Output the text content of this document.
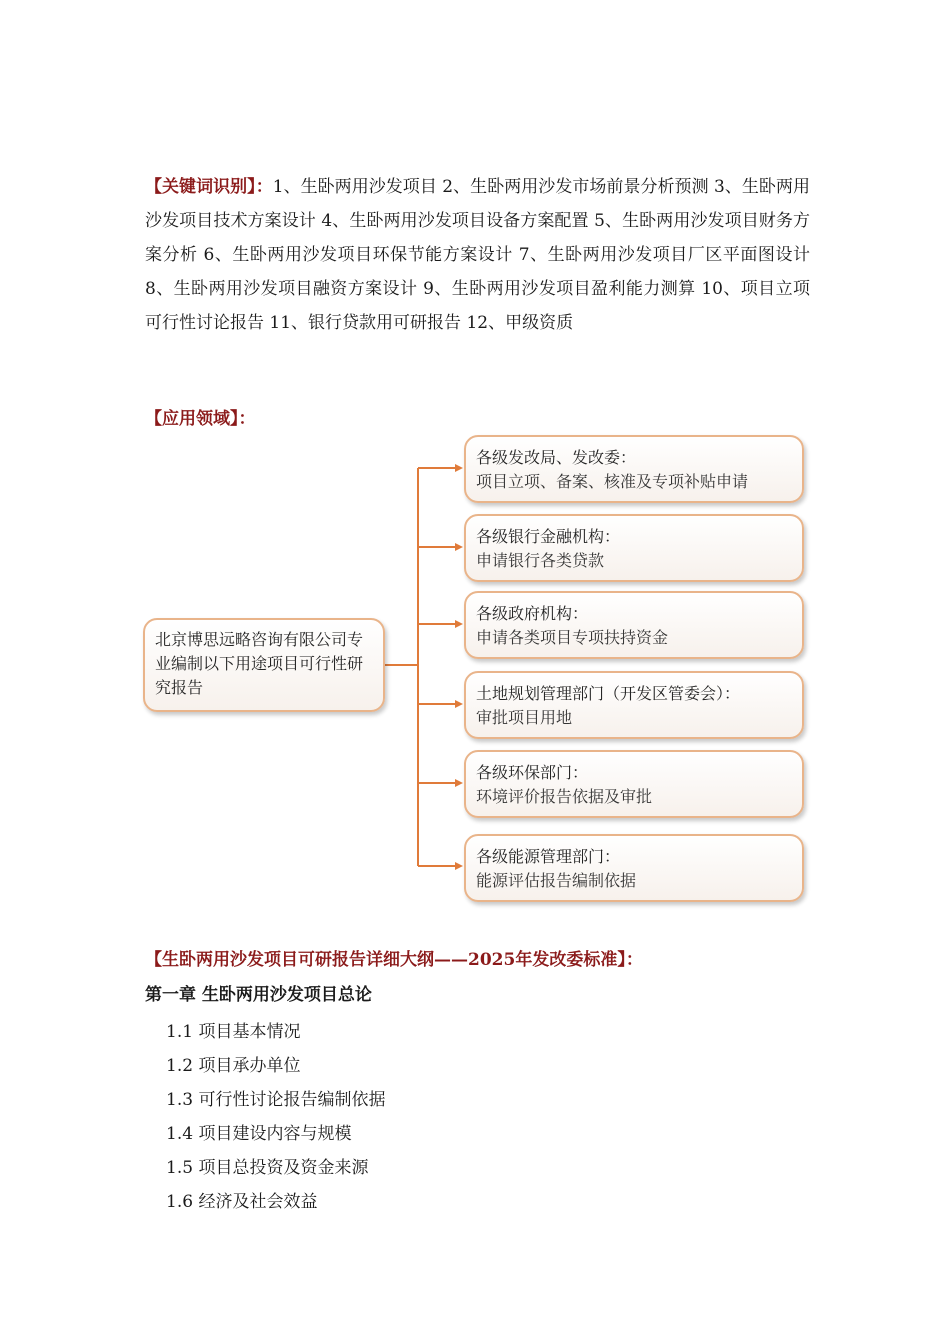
【关键词识别】：1、生卧两用沙发项目 2、生卧两用沙发市场前景分析预测 3、生卧两用沙发项目技术方案设计 4、生卧两用沙发项目设备方案配置 5、生卧两用沙发项目财务方案分析 6、生卧两用沙发项目环保节能方案设计 7、生卧两用沙发项目厂区平面图设计 8、生卧两用沙发项目融资方案设计 9、生卧两用沙发项目盈利能力测算 10、项目立项可行性讨论报告 11、银行贷款用可研报告 12、甲级资质
【应用领域】：
北京博思远略咨询有限公司专业编制以下用途项目可行性研究报告
各级发改局、发改委：
项目立项、备案、核准及专项补贴申请
各级银行金融机构：
申请银行各类贷款
各级政府机构：
申请各类项目专项扶持资金
土地规划管理部门（开发区管委会）：
审批项目用地
各级环保部门：
环境评价报告依据及审批
各级能源管理部门：
能源评估报告编制依据
【生卧两用沙发项目可研报告详细大纲——2025年发改委标准】：
第一章 生卧两用沙发项目总论
1.1 项目基本情况
1.2 项目承办单位
1.3 可行性讨论报告编制依据
1.4 项目建设内容与规模
1.5 项目总投资及资金来源
1.6 经济及社会效益
